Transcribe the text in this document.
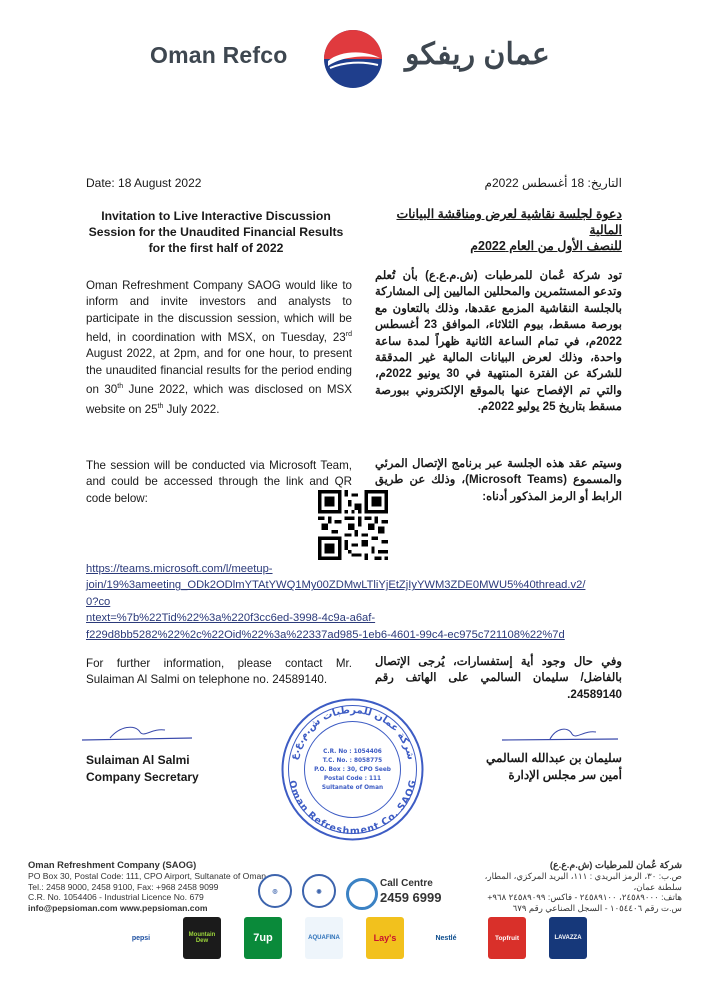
Oman Refco	عمان ريفكو
Date: 18 August 2022	التاريخ: 18 أغسطس 2022م
Invitation to Live Interactive Discussion
Session for the Unaudited Financial Results
for the first half of 2022
دعوة لجلسة نقاشية لعرض ومناقشة البيانات المالية
للنصف الأول من العام 2022م
Oman Refreshment Company SAOG would like to inform and invite investors and analysts to participate in the discussion session, which will be held, in coordination with MSX, on Tuesday, 23rd August 2022, at 2pm, and for one hour, to present the unaudited financial results for the period ending on 30th June 2022, which was disclosed on MSX website on 25th July 2022.
تود شركة عُمان للمرطبات (ش.م.ع.ع) بأن تُعلم وتدعو المستثمرين والمحللين الماليين إلى المشاركة بالجلسة النقاشية المزمع عقدها، وذلك بالتعاون مع بورصة مسقط، بيوم الثلاثاء، الموافق 23 أغسطس 2022م، في تمام الساعة الثانية ظهراً لمدة ساعة واحدة، وذلك لعرض البيانات المالية غير المدققة للشركة عن الفترة المنتهية في 30 يونيو 2022م، والتي تم الإفصاح عنها بالموقع الإلكتروني ببورصة مسقط بتاريخ 25 يوليو 2022م.
The session will be conducted via Microsoft Team, and could be accessed through the link and QR code below:
وسيتم عقد هذه الجلسة عبر برنامج الإتصال المرئي والمسموع (Microsoft Teams)، وذلك عن طريق الرابط أو الرمز المذكور أدناه:
https://teams.microsoft.com/l/meetup-
join/19%3ameeting_ODk2ODlmYTAtYWQ1My00ZDMwLTliYjEtZjIyYWM3ZDE0MWU5%40thread.v2/0?co
ntext=%7b%22Tid%22%3a%220f3cc6ed-3998-4c9a-a6af-
f229d8bb5282%22%2c%22Oid%22%3a%22337ad985-1eb6-4601-99c4-ec975c721108%22%7d
For further information, please contact Mr. Sulaiman Al Salmi on telephone no. 24589140.
وفي حال وجود أية إستفسارات، يُرجى الإتصال بالفاضل/ سليمان السالمي على الهاتف رقم 24589140.
Sulaiman Al Salmi
Company Secretary
سليمان بن عبدالله السالمي
أمين سر مجلس الإدارة
شركة عمان للمرطبات ش.م.ع.ع
Oman Refreshment Co. SAOG
C.R. No : 1054406
T.C. No. : 8058775
P.O. Box : 30, CPO Seeb
Postal Code : 111
Sultanate of Oman
Oman Refreshment Company (SAOG)
PO Box 30, Postal Code: 111, CPO Airport, Sultanate of Oman
Tel.: 2458 9000, 2458 9100, Fax: +968 2458 9099
C.R. No. 1054406 - Industrial Licence No. 679
info@pepsioman.com www.pepsioman.com
شركة عُمان للمرطبات (ش.م.ع.ع)
ص.ب: ٣٠، الرمز البريدي : ١١١، البريد المركزي، المطار، سلطنة عمان،
هاتف: ٢٤٥٨٩٠٠٠، ٢٤٥٨٩١٠٠ - فاكس: ٢٤٥٨٩٠٩٩ ٩٦٨+
س.ت رقم ١٠٥٤٤٠٦ - السجل الصناعي رقم ٦٧٩
◎	◉
Call Centre
2459 6999
pepsi	Mountain Dew	7up	AQUAFINA	Lay's	Nestlé	Topfruit	LAVAZZA
